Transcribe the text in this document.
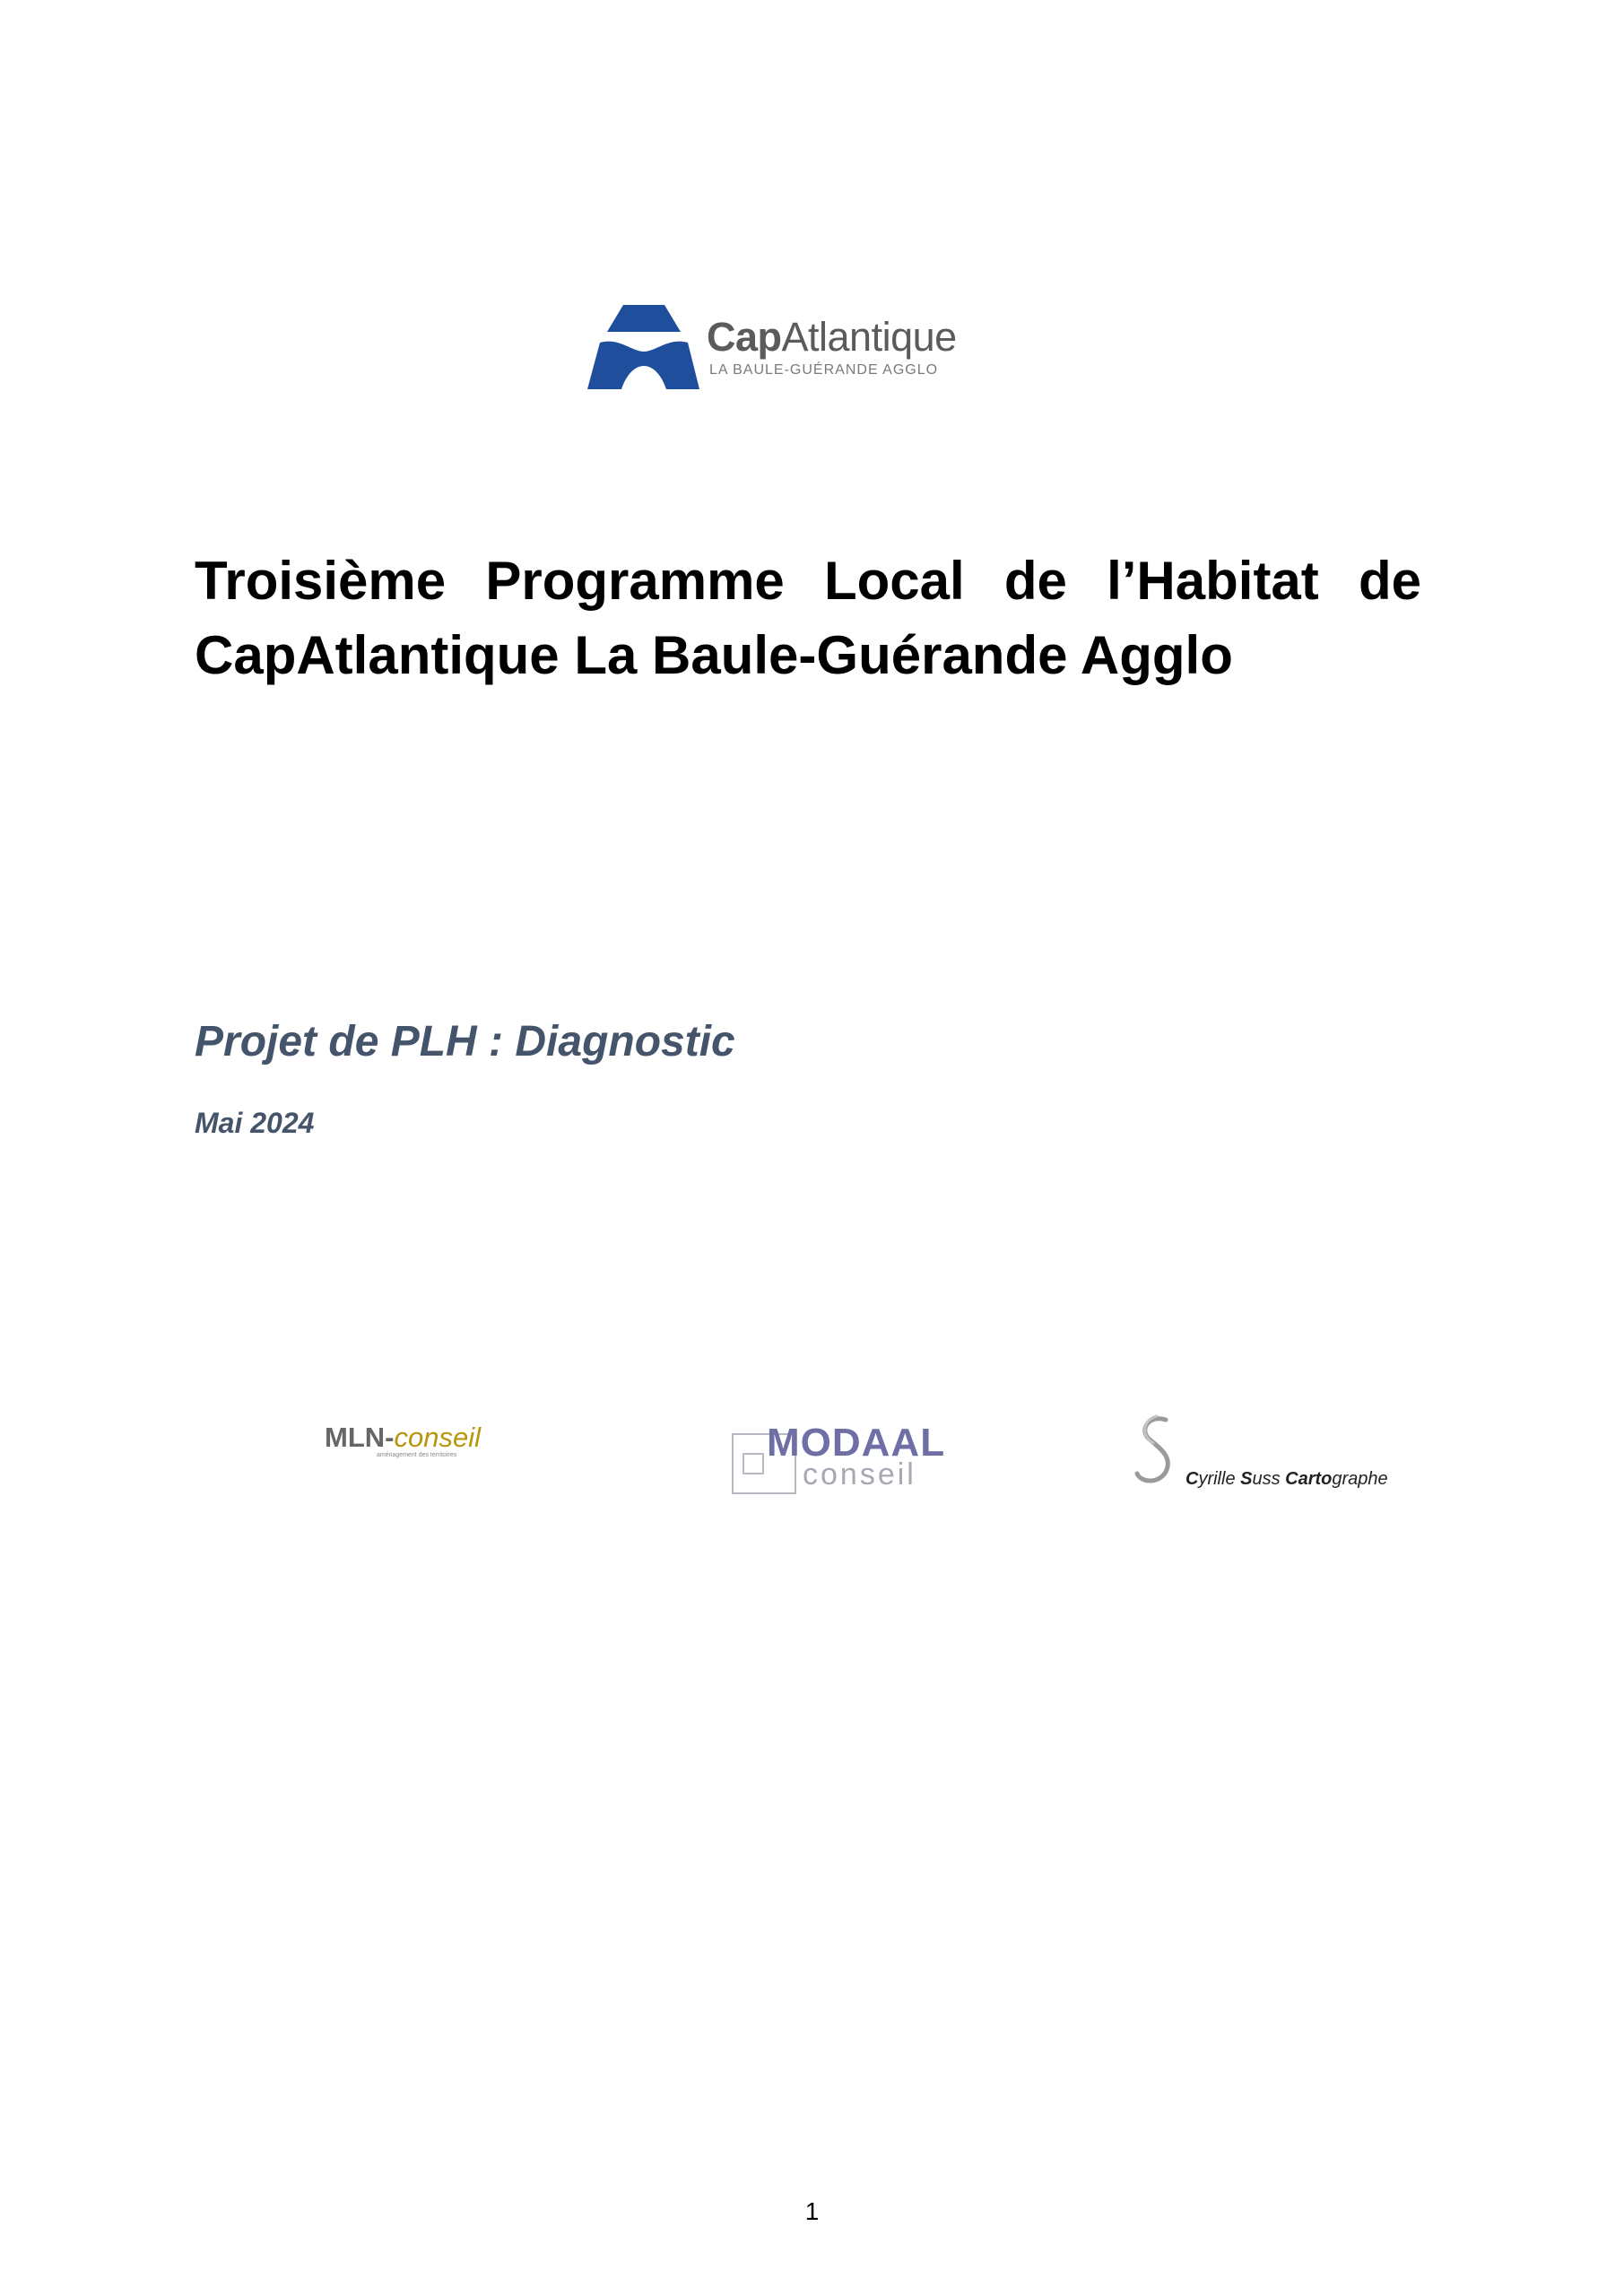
CapAtlantique
LA BAULE-GUÉRANDE AGGLO
Troisième Programme Local de l’Habitat de CapAtlantique La Baule-Guérande Agglo
Projet de PLH : Diagnostic
Mai 2024
MLN-conseil
aménagement des territoires	MODAAL
conseil	Cyrille Suss Cartographe
1
